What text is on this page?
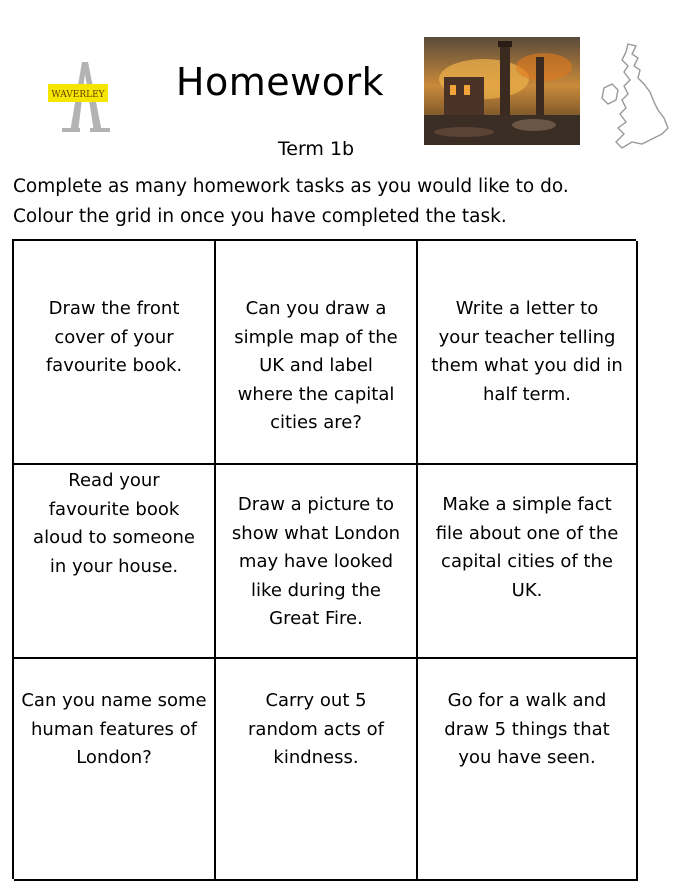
WAVERLEY	Homework
Term 1b
Complete as many homework tasks as you would like to do.
Colour the grid in once you have completed the task.
Draw the front
cover of your
favourite book.
Can you draw a
simple map of the
UK and label
where the capital
cities are?
Write a letter to
your teacher telling
them what you did in
half term.
Read your
favourite book
aloud to someone
in your house.
Draw a picture to
show what London
may have looked
like during the
Great Fire.
Make a simple fact
file about one of the
capital cities of the
UK.
Can you name some
human features of
London?
Carry out 5
random acts of
kindness.
Go for a walk and
draw 5 things that
you have seen.
